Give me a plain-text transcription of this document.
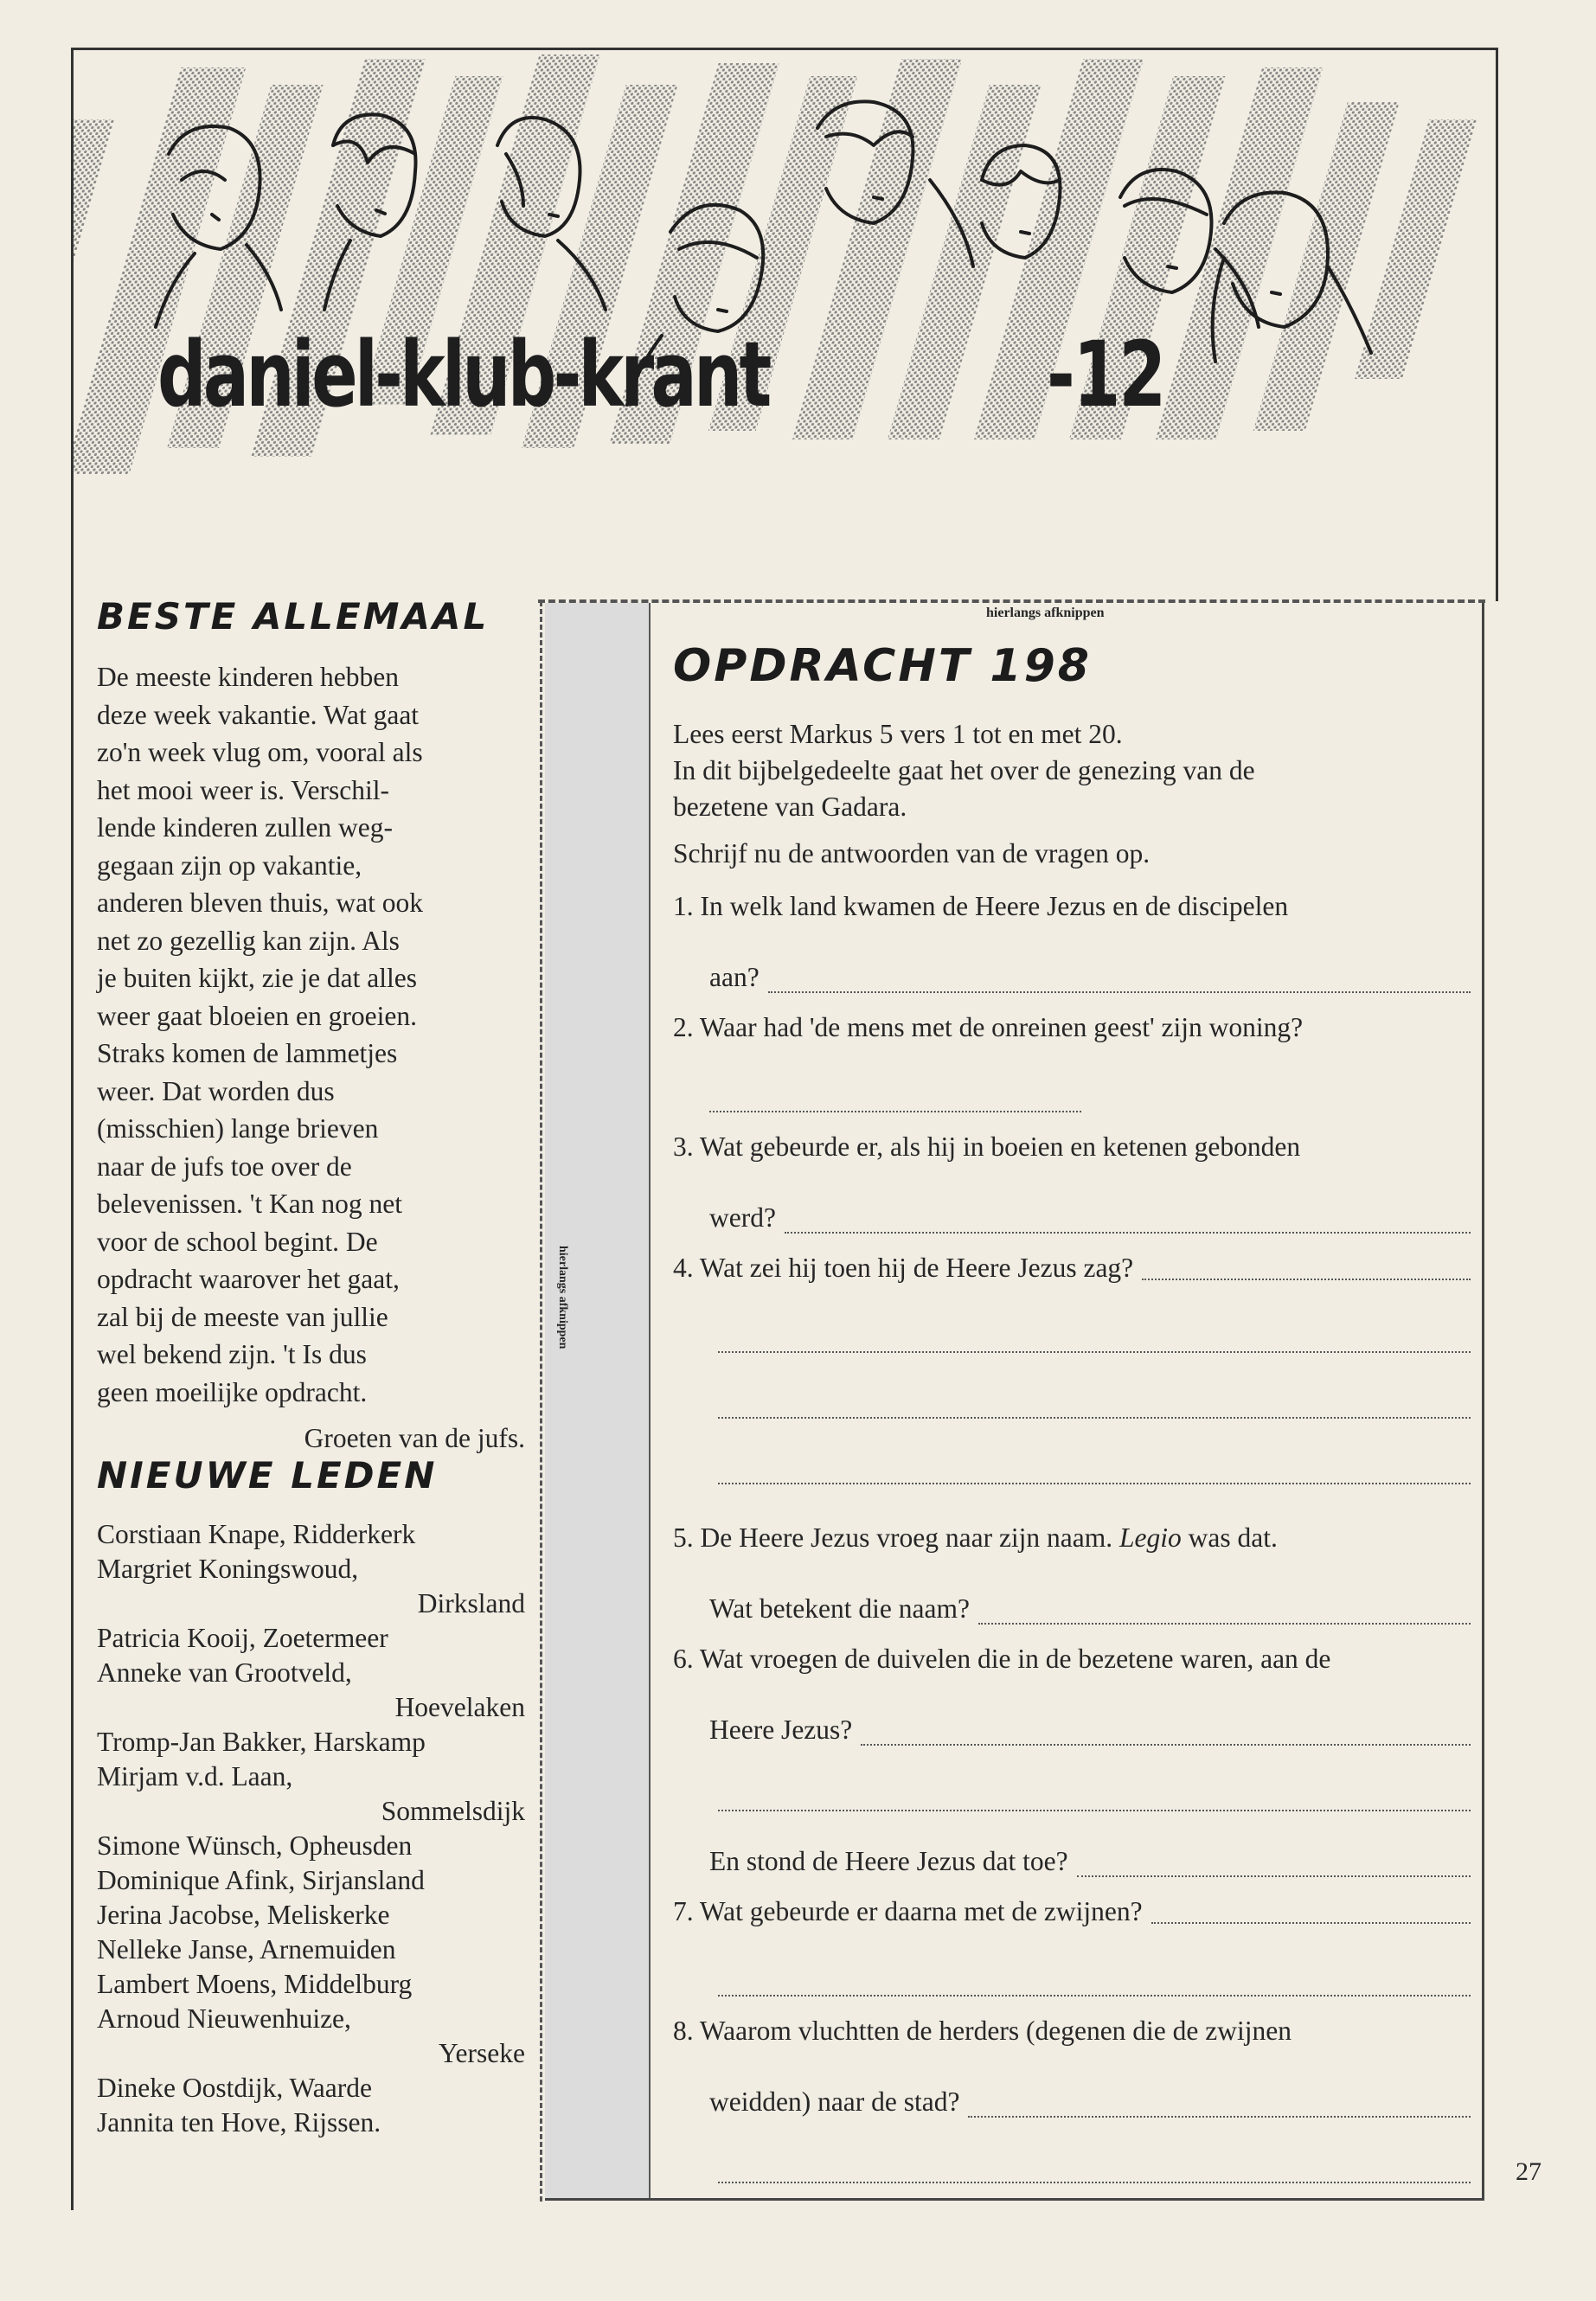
daniel-klub-krant	-12
BESTE ALLEMAAL
De meeste kinderen hebben
deze week vakantie. Wat gaat
zo'n week vlug om, vooral als
het mooi weer is. Verschil-
lende kinderen zullen weg-
gegaan zijn op vakantie,
anderen bleven thuis, wat ook
net zo gezellig kan zijn. Als
je buiten kijkt, zie je dat alles
weer gaat bloeien en groeien.
Straks komen de lammetjes
weer. Dat worden dus
(misschien) lange brieven
naar de jufs toe over de
belevenissen. 't Kan nog net
voor de school begint. De
opdracht waarover het gaat,
zal bij de meeste van jullie
wel bekend zijn. 't Is dus
geen moeilijke opdracht.
Groeten van de jufs.
NIEUWE LEDEN
Corstiaan Knape, Ridderkerk
Margriet Koningswoud,
Dirksland
Patricia Kooij, Zoetermeer
Anneke van Grootveld,
Hoevelaken
Tromp-Jan Bakker, Harskamp
Mirjam v.d. Laan,
Sommelsdijk
Simone Wünsch, Opheusden
Dominique Afink, Sirjansland
Jerina Jacobse, Meliskerke
Nelleke Janse, Arnemuiden
Lambert Moens, Middelburg
Arnoud Nieuwenhuize,
Yerseke
Dineke Oostdijk, Waarde
Jannita ten Hove, Rijssen.
hierlangs afknippen
hierlangs afknippen
OPDRACHT 198

Lees eerst Markus 5 vers 1 tot en met 20.

In dit bijbelgedeelte gaat het over de genezing van de

bezetene van Gadara.

Schrijf nu de antwoorden van de vragen op.

1. In welk land kwamen de Heere Jezus en de discipelen
aan?
2. Waar had 'de mens met de onreinen geest' zijn woning?
3. Wat gebeurde er, als hij in boeien en ketenen gebonden
werd?
4. Wat zei hij toen hij de Heere Jezus zag?
5. De Heere Jezus vroeg naar zijn naam. Legio was dat.
Wat betekent die naam?
6. Wat vroegen de duivelen die in de bezetene waren, aan de
Heere Jezus?
En stond de Heere Jezus dat toe?
7. Wat gebeurde er daarna met de zwijnen?
8. Waarom vluchtten de herders (degenen die de zwijnen
weidden) naar de stad?
27
